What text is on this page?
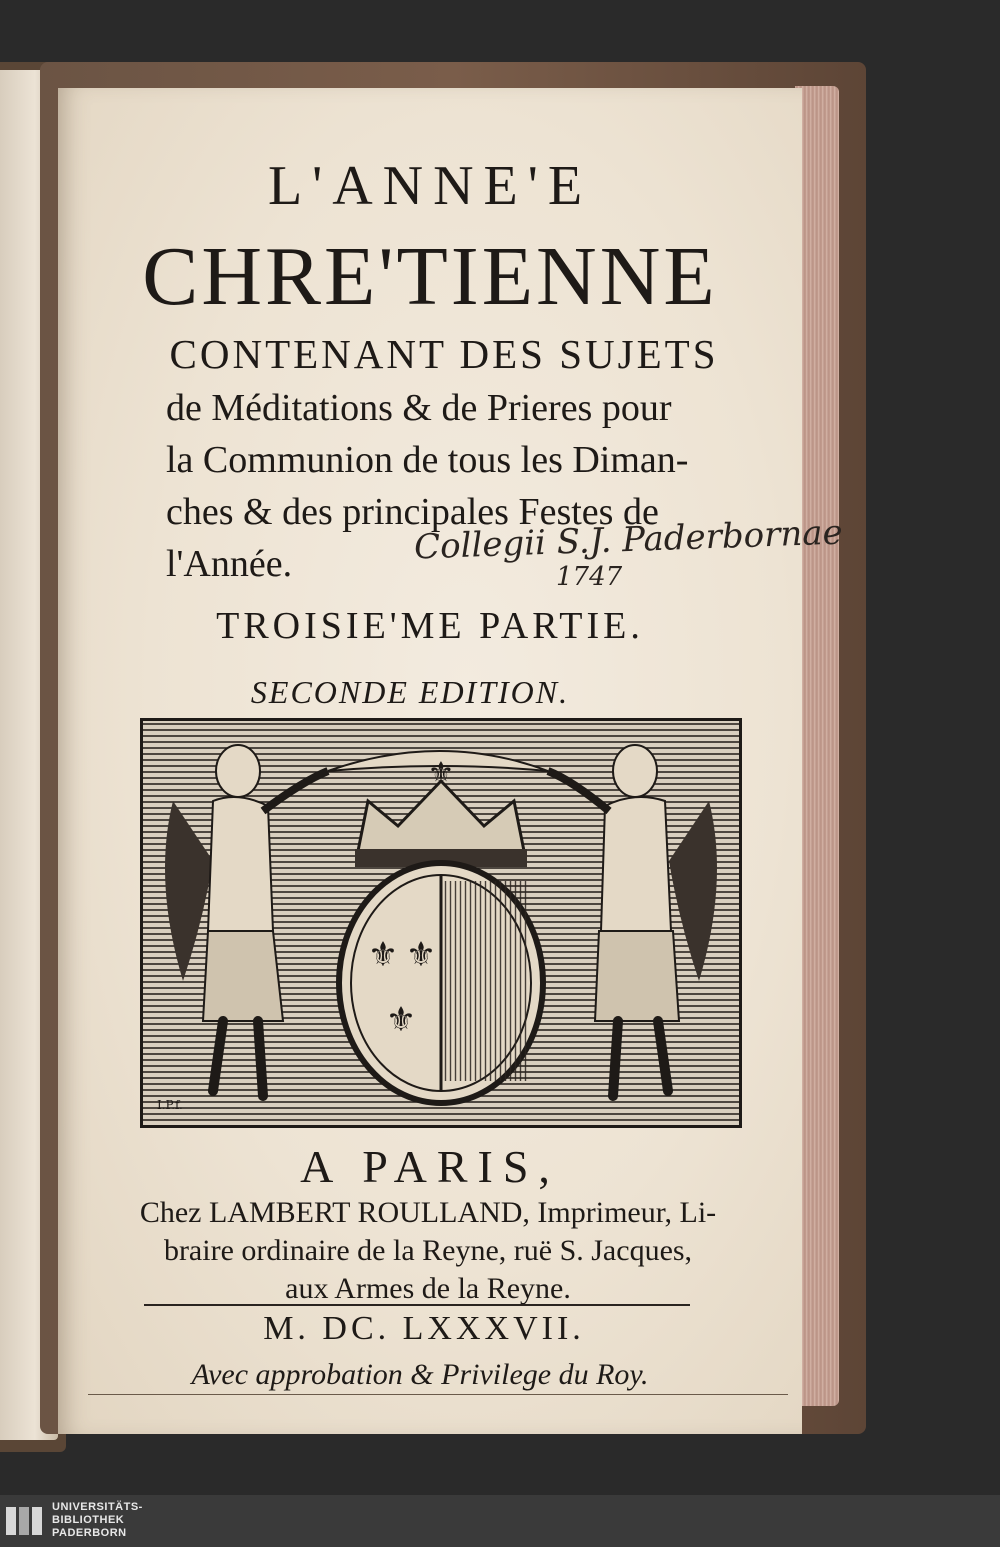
L'ANNE'E
CHRE'TIENNE
CONTENANT DES SUJETS
de Méditations & de Prieres pour
la Communion de tous les Diman-
ches & des principales Festes de
l'Année.	Collegii S.J. Paderbornae
1747
TROISIE'ME PARTIE.
SECONDE EDITION.
⚜
⚜ ⚜
⚜
I.P.f.
A PARIS,
Chez LAMBERT ROULLAND, Imprimeur, Li-
braire ordinaire de la Reyne, ruë S. Jacques,
aux Armes de la Reyne.
M. DC. LXXXVII.
Avec approbation & Privilege du Roy.
UNIVERSITÄTS-
BIBLIOTHEK
PADERBORN
